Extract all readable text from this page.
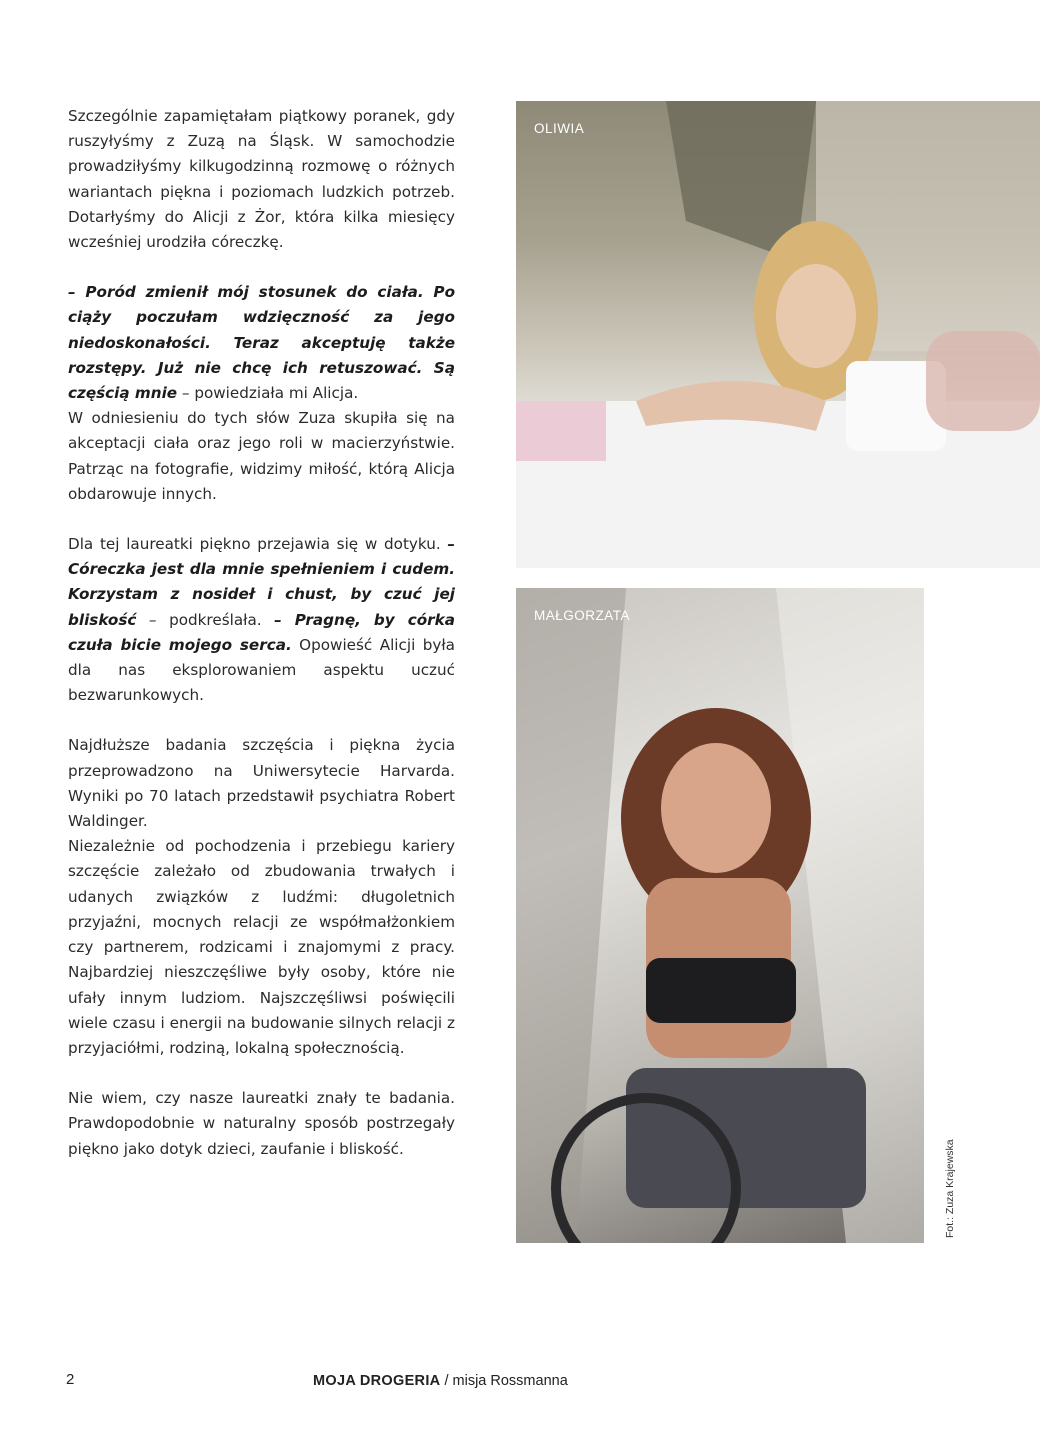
Szczególnie zapamiętałam piątkowy poranek, gdy ruszyłyśmy z Zuzą na Śląsk. W samochodzie prowadziłyśmy kilkugodzinną rozmowę o różnych wariantach piękna i poziomach ludzkich potrzeb. Dotarłyśmy do Alicji z Żor, która kilka miesięcy wcześniej urodziła córeczkę.

– Poród zmienił mój stosunek do ciała. Po ciąży poczułam wdzięczność za jego niedoskonałości. Teraz akceptuję także rozstępy. Już nie chcę ich retuszować. Są częścią mnie – powiedziała mi Alicja.

W odniesieniu do tych słów Zuza skupiła się na akceptacji ciała oraz jego roli w macierzyństwie. Patrząc na fotografie, widzimy miłość, którą Alicja obdarowuje innych.

Dla tej laureatki piękno przejawia się w dotyku. – Córeczka jest dla mnie spełnieniem i cudem. Korzystam z nosideł i chust, by czuć jej bliskość – podkreślała. – Pragnę, by córka czuła bicie mojego serca. Opowieść Alicji była dla nas eksplorowaniem aspektu uczuć bezwarunkowych.

Najdłuższe badania szczęścia i piękna życia przeprowadzono na Uniwersytecie Harvarda. Wyniki po 70 latach przedstawił psychiatra Robert Waldinger.

Niezależnie od pochodzenia i przebiegu kariery szczęście zależało od zbudowania trwałych i udanych związków z ludźmi: długoletnich przyjaźni, mocnych relacji ze współmałżonkiem czy partnerem, rodzicami i znajomymi z pracy. Najbardziej nieszczęśliwe były osoby, które nie ufały innym ludziom. Najszczęśliwsi poświęcili wiele czasu i energii na budowanie silnych relacji z przyjaciółmi, rodziną, lokalną społecznością.

Nie wiem, czy nasze laureatki znały te badania. Prawdopodobnie w naturalny sposób postrzegały piękno jako dotyk dzieci, zaufanie i bliskość.

OLIWIA
MAŁGORZATA
Fot.: Zuza Krajewska
2	MOJA DROGERIA / misja Rossmanna
